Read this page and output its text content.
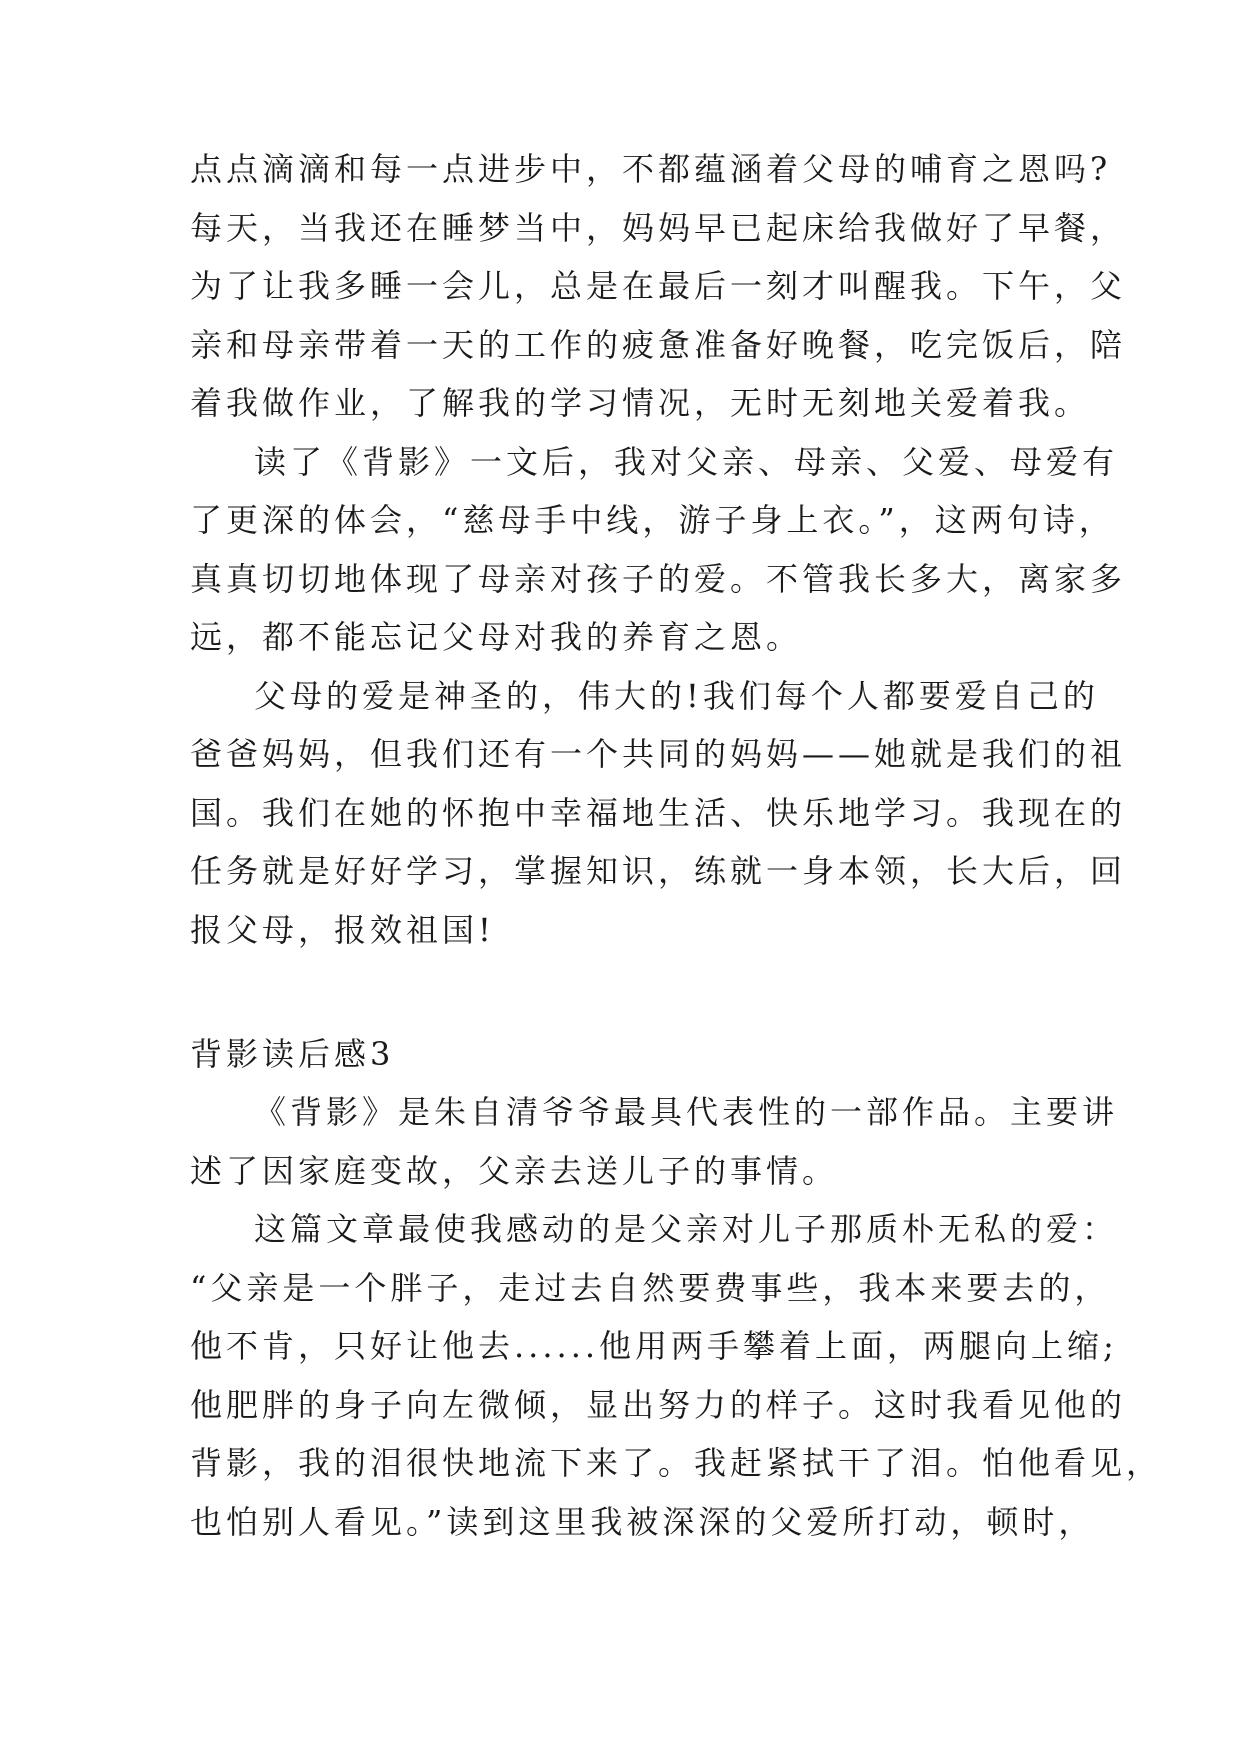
点点滴滴和每一点进步中，不都蕴涵着父母的哺育之恩吗?
每天，当我还在睡梦当中，妈妈早已起床给我做好了早餐，
为了让我多睡一会儿，总是在最后一刻才叫醒我。下午，父
亲和母亲带着一天的工作的疲惫准备好晚餐，吃完饭后，陪
着我做作业，了解我的学习情况，无时无刻地关爱着我。
读了《背影》一文后，我对父亲、母亲、父爱、母爱有
了更深的体会，“慈母手中线，游子身上衣。”，这两句诗，
真真切切地体现了母亲对孩子的爱。不管我长多大，离家多
远，都不能忘记父母对我的养育之恩。
父母的爱是神圣的，伟大的!我们每个人都要爱自己的
爸爸妈妈，但我们还有一个共同的妈妈——她就是我们的祖
国。我们在她的怀抱中幸福地生活、快乐地学习。我现在的
任务就是好好学习，掌握知识，练就一身本领，长大后，回
报父母，报效祖国!
背影读后感3
《背影》是朱自清爷爷最具代表性的一部作品。主要讲
述了因家庭变故，父亲去送儿子的事情。
这篇文章最使我感动的是父亲对儿子那质朴无私的爱：
“父亲是一个胖子，走过去自然要费事些，我本来要去的，
他不肯，只好让他去......他用两手攀着上面，两腿向上缩;
他肥胖的身子向左微倾，显出努力的样子。这时我看见他的
背影，我的泪很快地流下来了。我赶紧拭干了泪。怕他看见，
也怕别人看见。”读到这里我被深深的父爱所打动，顿时，
